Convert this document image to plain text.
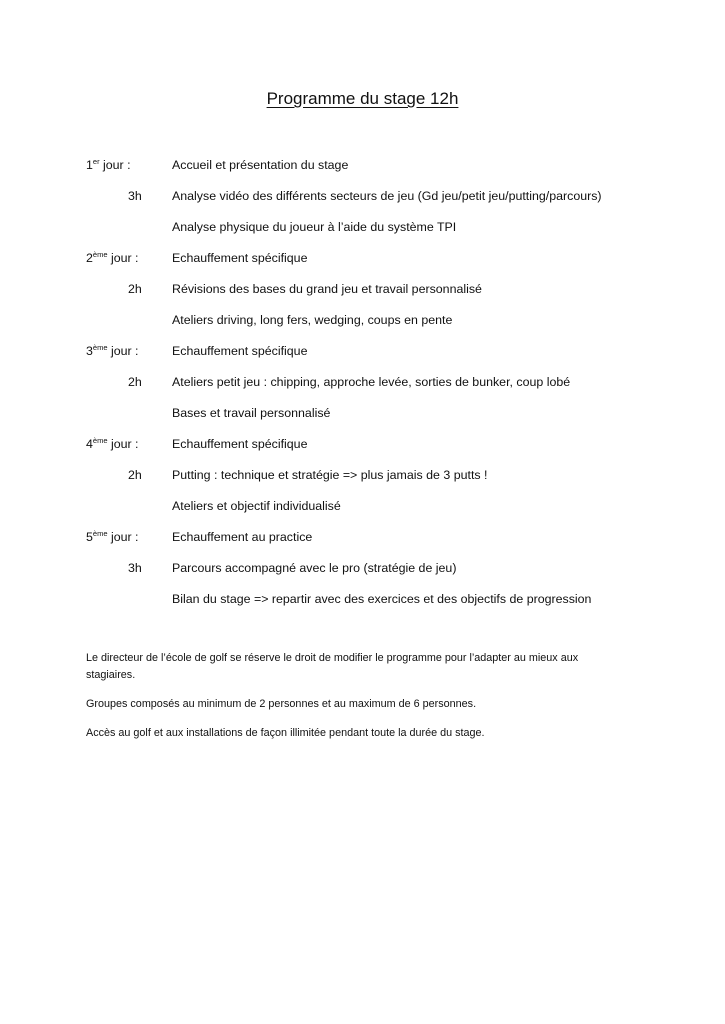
Programme du stage 12h
1er jour :	Accueil et présentation du stage
3h Analyse vidéo des différents secteurs de jeu (Gd jeu/petit jeu/putting/parcours)
Analyse physique du joueur à l’aide du système TPI
2ème jour :	Echauffement spécifique
2h Révisions des bases du grand jeu et travail personnalisé
Ateliers driving, long fers, wedging, coups en pente
3ème jour :	Echauffement spécifique
2h Ateliers petit jeu : chipping, approche levée, sorties de bunker, coup lobé
Bases et travail personnalisé
4ème jour :	Echauffement spécifique
2h Putting : technique et stratégie => plus jamais de 3 putts !
Ateliers et objectif individualisé
5ème jour :	Echauffement au practice
3h Parcours accompagné avec le pro (stratégie de jeu)
Bilan du stage => repartir avec des exercices et des objectifs de progression

Le directeur de l’école de golf se réserve le droit de modifier le programme pour l’adapter au mieux aux stagiaires.

Groupes composés au minimum de 2 personnes et au maximum de 6 personnes.

Accès au golf et aux installations de façon illimitée pendant toute la durée du stage.
